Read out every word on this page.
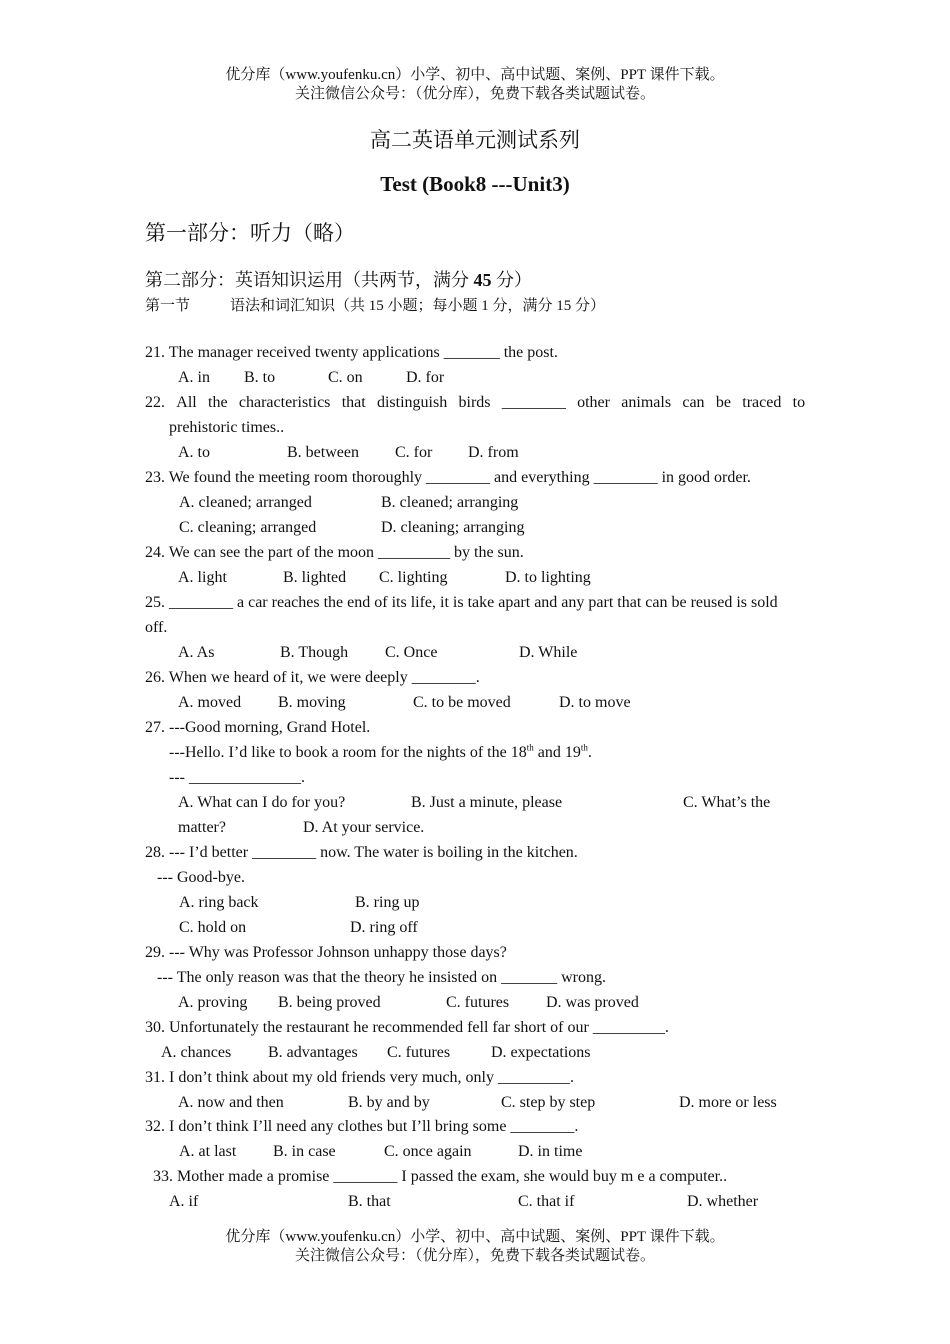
优分库（www.youfenku.cn）小学、初中、高中试题、案例、PPT 课件下载。
关注微信公众号：（优分库），免费下载各类试题试卷。
高二英语单元测试系列
Test (Book8 ---Unit3)
第一部分：听力（略）
第二部分：英语知识运用（共两节，满分 45 分）
第一节	语法和词汇知识（共 15 小题；每小题 1 分，满分 15 分）
21. The manager received twenty applications _______ the post.
A. in B. to	C. on	D. for
22. All the characteristics that distinguish birds ________ other animals can be traced to
prehistoric times..
A. to	B. between C. for D. from
23. We found the meeting room thoroughly ________ and everything ________ in good order.
A. cleaned; arranged	B. cleaned; arranging
C. cleaning; arranged	D. cleaning; arranging
24. We can see the part of the moon _________ by the sun.
A. light	B. lighted C. lighting	D. to lighting
25. ________ a car reaches the end of its life, it is take apart and any part that can be reused is sold
off.
A. As	B. Though C. Once	D. While
26. When we heard of it, we were deeply ________.
A. moved B. moving	C. to be moved	D. to move
27. ---Good morning, Grand Hotel.
---Hello. I’d like to book a room for the nights of the 18th and 19th.
--- ______________.
A. What can I do for you?	B. Just a minute, please	C. What’s the
matter?	D. At your service.
28. --- I’d better ________ now. The water is boiling in the kitchen.
--- Good-bye.
A. ring back	B. ring up
C. hold on	D. ring off
29. --- Why was Professor Johnson unhappy those days?
--- The only reason was that the theory he insisted on _______ wrong.
A. proving B. being proved	C. futures D. was proved
30. Unfortunately the restaurant he recommended fell far short of our _________.
A. chances B. advantages C. futures	D. expectations
31. I don’t think about my old friends very much, only _________.
A. now and then	B. by and by	C. step by step	D. more or less
32. I don’t think I’ll need any clothes but I’ll bring some ________.
A. at last B. in case	C. once again	D. in time
33. Mother made a promise ________ I passed the exam, she would buy m e a computer..
A. if	B. that	C. that if	D. whether
优分库（www.youfenku.cn）小学、初中、高中试题、案例、PPT 课件下载。
关注微信公众号：（优分库），免费下载各类试题试卷。
